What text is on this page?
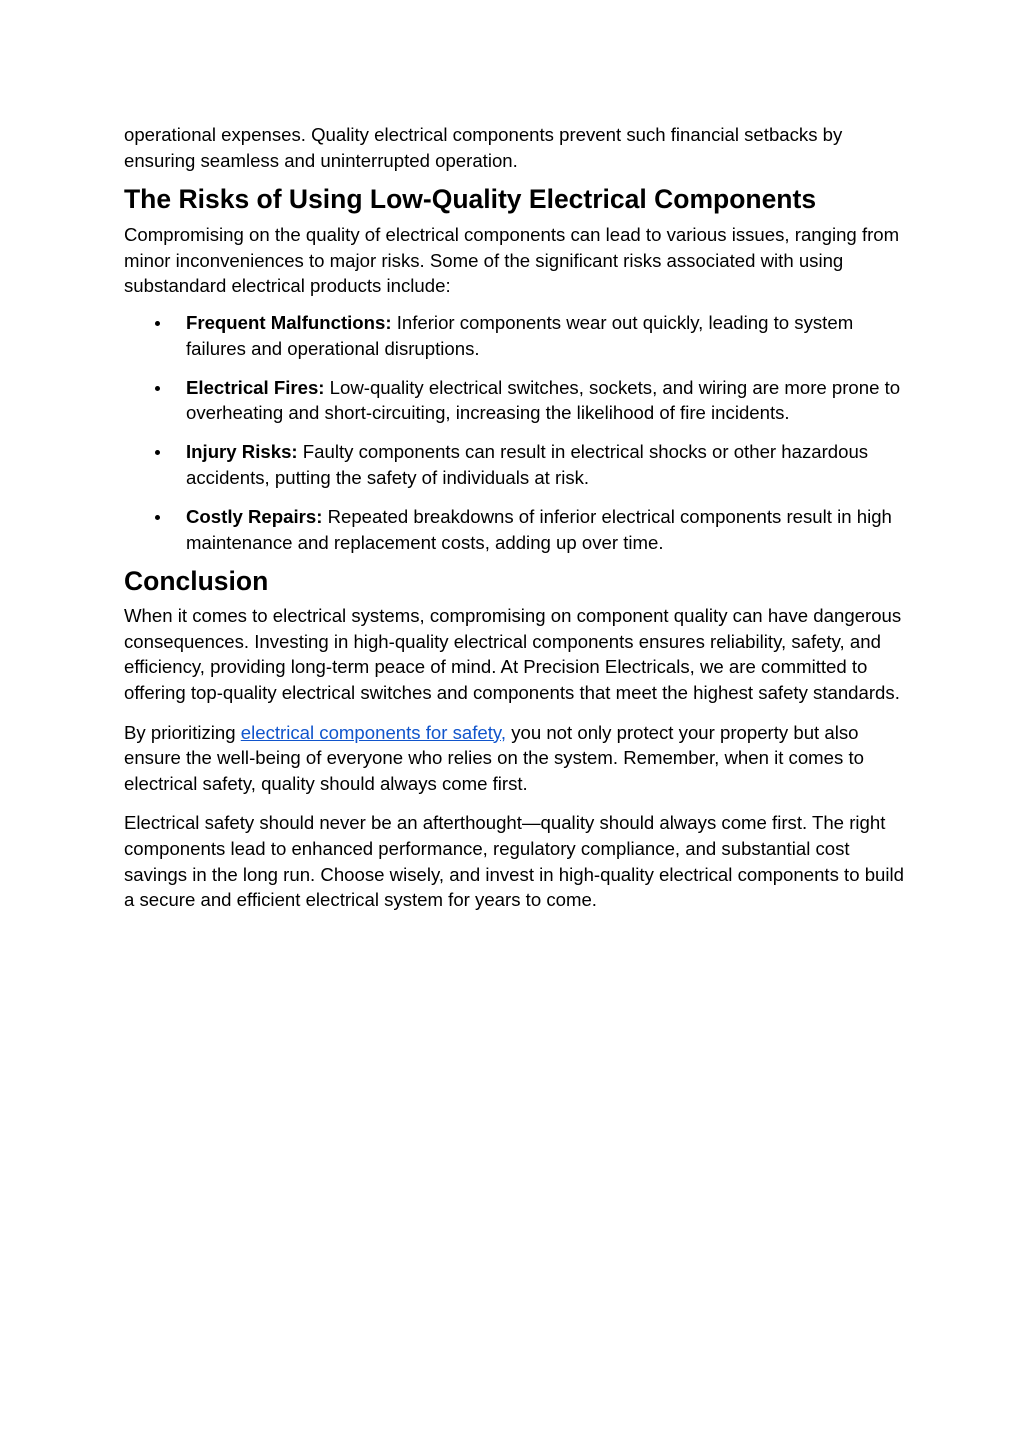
operational expenses. Quality electrical components prevent such financial setbacks by ensuring seamless and uninterrupted operation.

The Risks of Using Low-Quality Electrical Components

Compromising on the quality of electrical components can lead to various issues, ranging from minor inconveniences to major risks. Some of the significant risks associated with using substandard electrical products include:

Frequent Malfunctions: Inferior components wear out quickly, leading to system failures and operational disruptions.
Electrical Fires: Low-quality electrical switches, sockets, and wiring are more prone to overheating and short-circuiting, increasing the likelihood of fire incidents.
Injury Risks: Faulty components can result in electrical shocks or other hazardous accidents, putting the safety of individuals at risk.
Costly Repairs: Repeated breakdowns of inferior electrical components result in high maintenance and replacement costs, adding up over time.
Conclusion

When it comes to electrical systems, compromising on component quality can have dangerous consequences. Investing in high-quality electrical components ensures reliability, safety, and efficiency, providing long-term peace of mind. At Precision Electricals, we are committed to offering top-quality electrical switches and components that meet the highest safety standards.

By prioritizing electrical components for safety, you not only protect your property but also ensure the well-being of everyone who relies on the system. Remember, when it comes to electrical safety, quality should always come first.

Electrical safety should never be an afterthought—quality should always come first. The right components lead to enhanced performance, regulatory compliance, and substantial cost savings in the long run. Choose wisely, and invest in high-quality electrical components to build a secure and efficient electrical system for years to come.
